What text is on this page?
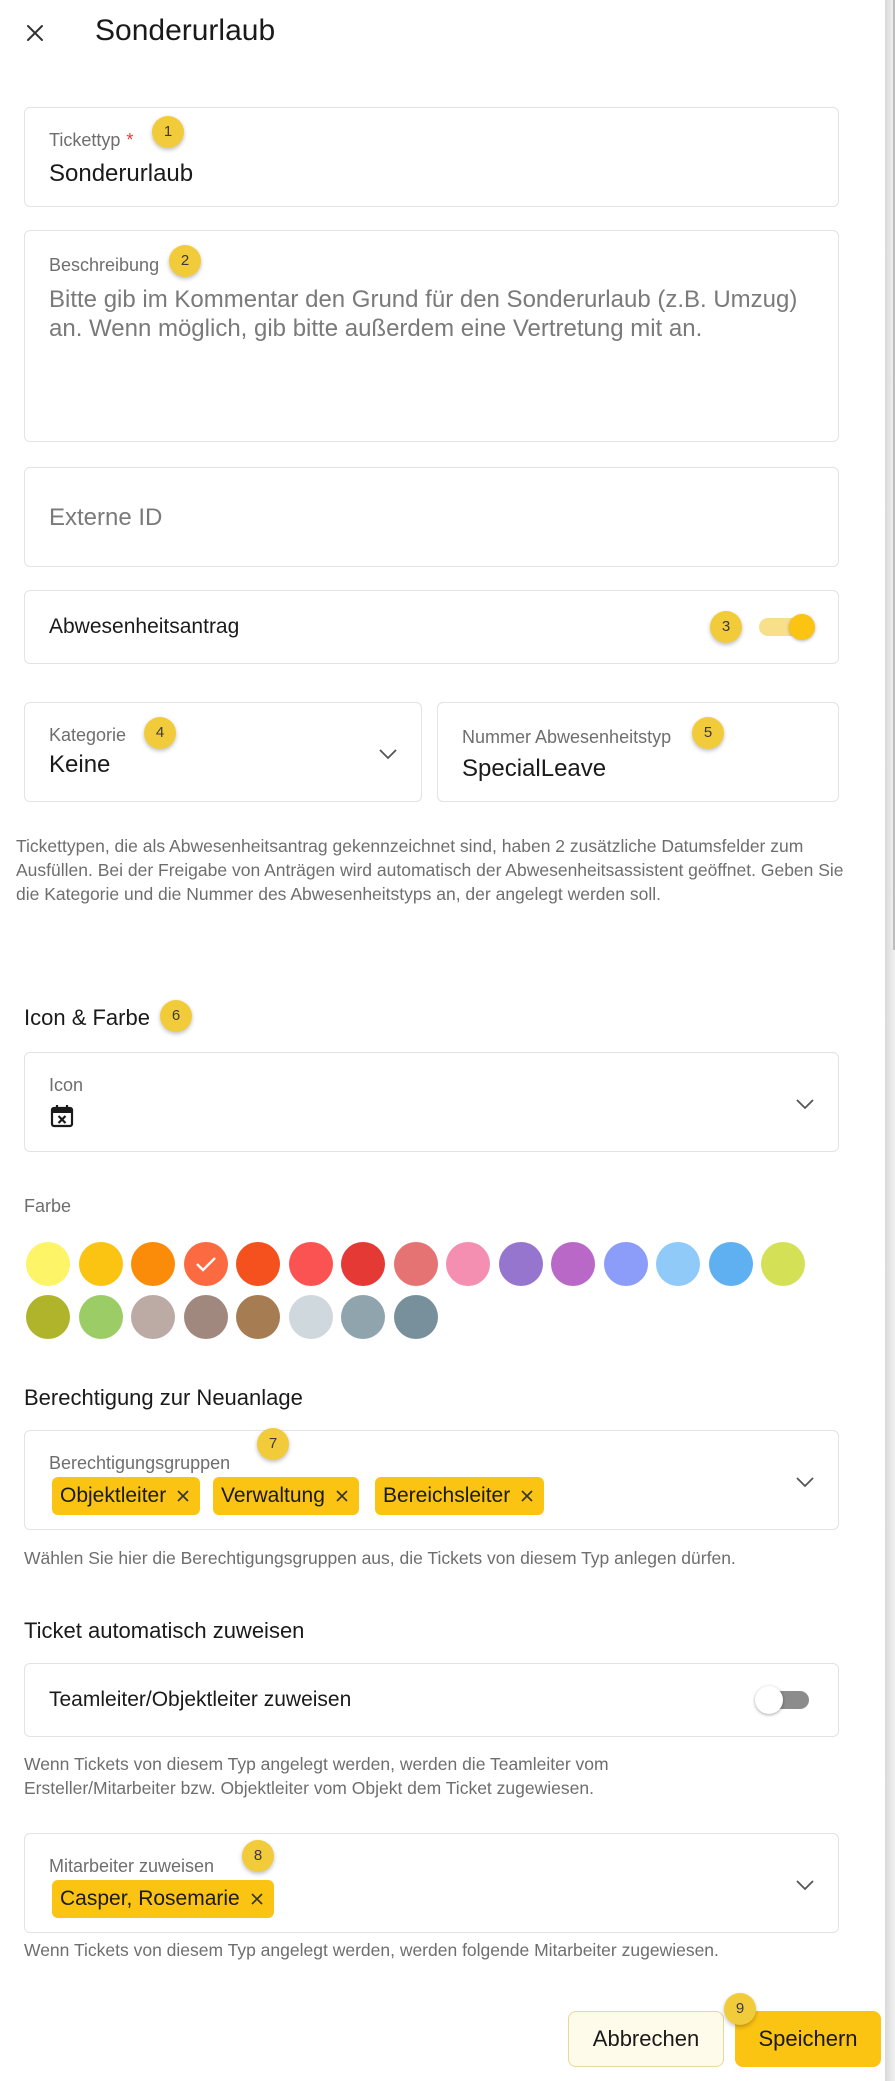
Sonderurlaub
Tickettyp *
Sonderurlaub
1
Beschreibung
Bitte gib im Kommentar den Grund für den Sonderurlaub (z.B. Umzug) an. Wenn möglich, gib bitte außerdem eine Vertretung mit an.
2
Externe ID
Abwesenheitsantrag	3
Kategorie
Keine
4	Nummer Abwesenheitstyp
SpecialLeave
5
Tickettypen, die als Abwesenheitsantrag gekennzeichnet sind, haben 2 zusätzliche Datumsfelder zum Ausfüllen. Bei der Freigabe von Anträgen wird automatisch der Abwesenheitsassistent geöffnet. Geben Sie die Kategorie und die Nummer des Abwesenheitstyps an, der angelegt werden soll.
Icon & Farbe	6
Icon
Farbe
Berechtigung zur Neuanlage
Berechtigungsgruppen
Objektleiter	Verwaltung	Bereichsleiter
7
Wählen Sie hier die Berechtigungsgruppen aus, die Tickets von diesem Typ anlegen dürfen.
Ticket automatisch zuweisen
Teamleiter/Objektleiter zuweisen
Wenn Tickets von diesem Typ angelegt werden, werden die Teamleiter vom Ersteller/Mitarbeiter bzw. Objektleiter vom Objekt dem Ticket zugewiesen.
Mitarbeiter zuweisen
Casper, Rosemarie
8
Wenn Tickets von diesem Typ angelegt werden, werden folgende Mitarbeiter zugewiesen.
Abbrechen	Speichern
9
